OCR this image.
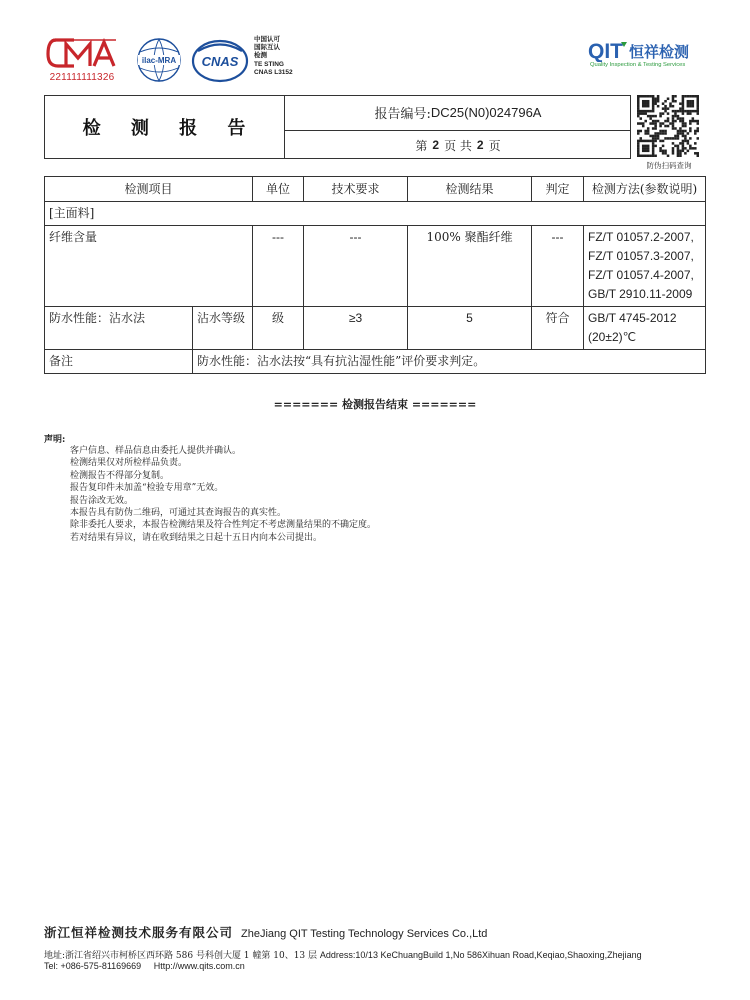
221111111326
ilac-MRA CNAS
中国认可
国际互认
检测
TE STING
CNAS L3152
QIT 恒祥检测
Quality Inspection & Testing Services
检 测 报 告
报告编号: DC25(N0)024796A
第 2 页 共 2 页
防伪扫码查询
检测项目		单位	技术要求	检测结果	判定	检测方法(参数说明)
[主面料]						
纤维含量		---	---	100% 聚酯纤维	---	FZ/T 01057.2-2007,
FZ/T 01057.3-2007,
FZ/T 01057.4-2007,
GB/T 2910.11-2009

防水性能：沾水法	沾水等级	级	≥3	5	符合	GB/T 4745-2012
(20±2)℃

备注	防水性能：沾水法按“具有抗沾湿性能”评价要求判定。					
======= 检测报告结束 =======
声明:
客户信息、样品信息由委托人提供并确认。
检测结果仅对所检样品负责。
检测报告不得部分复制。
报告复印件未加盖“检验专用章”无效。
报告涂改无效。
本报告具有防伪二维码，可通过其查询报告的真实性。
除非委托人要求，本报告检测结果及符合性判定不考虑测量结果的不确定度。
若对结果有异议，请在收到结果之日起十五日内向本公司提出。
浙江恒祥检测技术服务有限公司 ZheJiang QIT Testing Technology Services Co.,Ltd
地址:浙江省绍兴市柯桥区西环路 586 号科创大厦 1 幢第 10、13 层 Address:10/13 KeChuangBuild 1,No 586Xihuan Road,Keqiao,Shaoxing,Zhejiang
Tel: +086-575-81169669 Http://www.qits.com.cn
